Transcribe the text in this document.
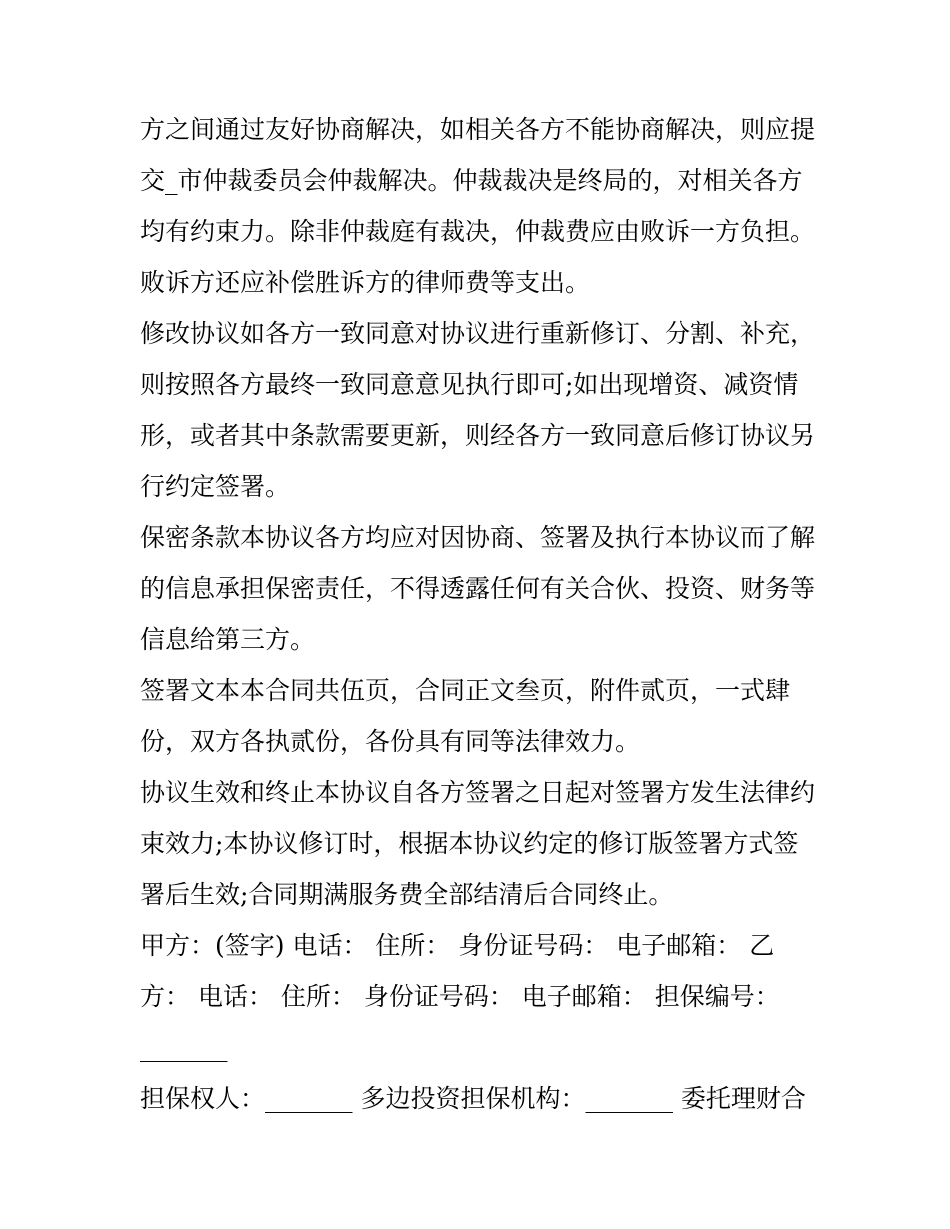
方之间通过友好协商解决，如相关各方不能协商解决，则应提
交_市仲裁委员会仲裁解决。仲裁裁决是终局的，对相关各方
均有约束力。除非仲裁庭有裁决，仲裁费应由败诉一方负担。
败诉方还应补偿胜诉方的律师费等支出。
修改协议如各方一致同意对协议进行重新修订、分割、补充，
则按照各方最终一致同意意见执行即可;如出现增资、减资情
形，或者其中条款需要更新，则经各方一致同意后修订协议另
行约定签署。
保密条款本协议各方均应对因协商、签署及执行本协议而了解
的信息承担保密责任，不得透露任何有关合伙、投资、财务等
信息给第三方。
签署文本本合同共伍页，合同正文叁页，附件贰页，一式肆
份，双方各执贰份，各份具有同等法律效力。
协议生效和终止本协议自各方签署之日起对签署方发生法律约
束效力;本协议修订时，根据本协议约定的修订版签署方式签
署后生效;合同期满服务费全部结清后合同终止。
甲方：(签字) 电话： 住所： 身份证号码： 电子邮箱： 乙
方： 电话： 住所： 身份证号码： 电子邮箱： 担保编号：
_______
担保权人：_______ 多边投资担保机构：_______ 委托理财合
